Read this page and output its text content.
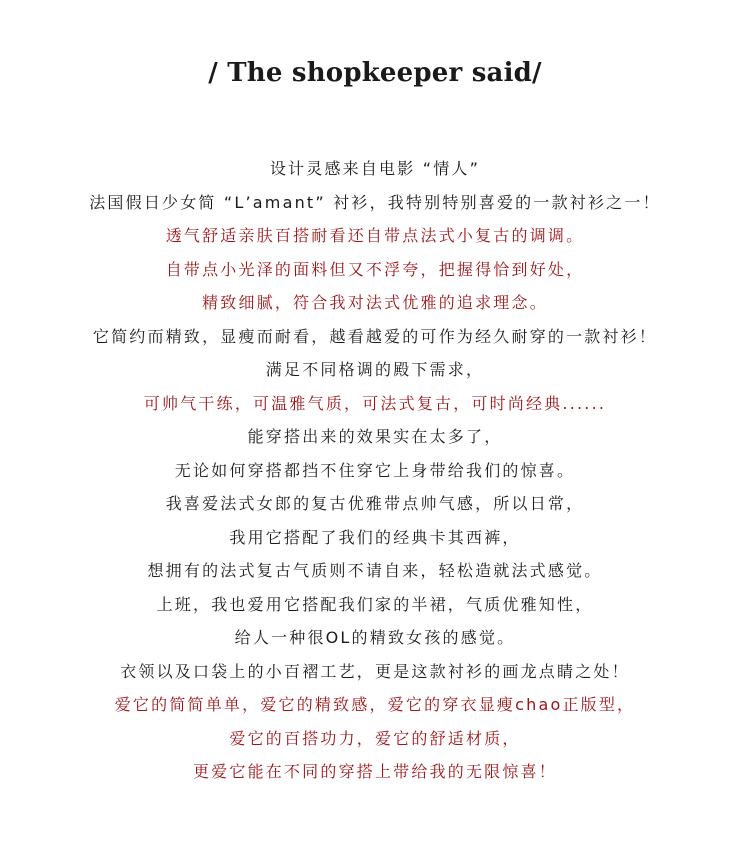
/ The shopkeeper said/
设计灵感来自电影 “情人”
法国假日少女简 “L’amant” 衬衫，我特别特别喜爱的一款衬衫之一！
透气舒适亲肤百搭耐看还自带点法式小复古的调调。
自带点小光泽的面料但又不浮夸，把握得恰到好处，
精致细腻，符合我对法式优雅的追求理念。
它简约而精致，显瘦而耐看，越看越爱的可作为经久耐穿的一款衬衫！
满足不同格调的殿下需求，
可帅气干练，可温雅气质，可法式复古，可时尚经典......
能穿搭出来的效果实在太多了，
无论如何穿搭都挡不住穿它上身带给我们的惊喜。
我喜爱法式女郎的复古优雅带点帅气感，所以日常，
我用它搭配了我们的经典卡其西裤，
想拥有的法式复古气质则不请自来，轻松造就法式感觉。
上班，我也爱用它搭配我们家的半裙，气质优雅知性，
给人一种很OL的精致女孩的感觉。
衣领以及口袋上的小百褶工艺，更是这款衬衫的画龙点睛之处！
爱它的简简单单，爱它的精致感，爱它的穿衣显瘦chao正版型，
爱它的百搭功力，爱它的舒适材质，
更爱它能在不同的穿搭上带给我的无限惊喜！
